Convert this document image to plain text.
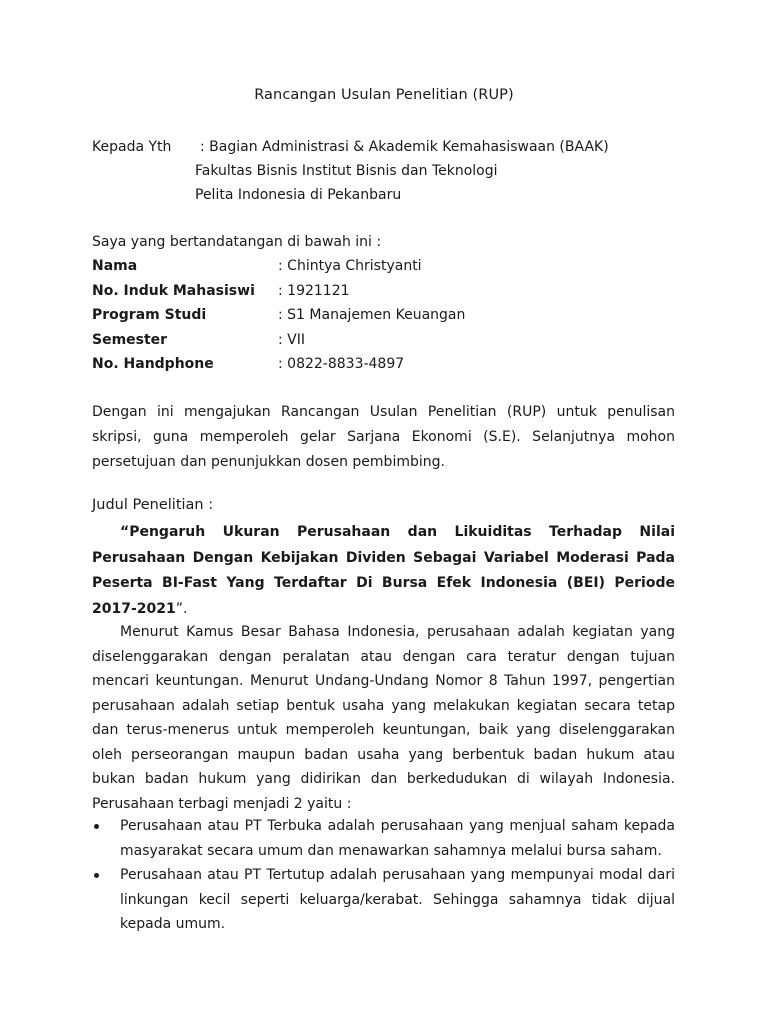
Rancangan Usulan Penelitian (RUP)
Kepada Yth : Bagian Administrasi & Akademik Kemahasiswaan (BAAK)
Fakultas Bisnis Institut Bisnis dan Teknologi
Pelita Indonesia di Pekanbaru
Saya yang bertandatangan di bawah ini :
Nama	: Chintya Christyanti
No. Induk Mahasiswi : 1921121
Program Studi	: S1 Manajemen Keuangan
Semester	: VII
No. Handphone	: 0822-8833-4897
Dengan ini mengajukan Rancangan Usulan Penelitian (RUP) untuk penulisan skripsi, guna memperoleh gelar Sarjana Ekonomi (S.E). Selanjutnya mohon persetujuan dan penunjukkan dosen pembimbing.
Judul Penelitian :
“Pengaruh Ukuran Perusahaan dan Likuiditas Terhadap Nilai Perusahaan Dengan Kebijakan Dividen Sebagai Variabel Moderasi Pada Peserta BI-Fast Yang Terdaftar Di Bursa Efek Indonesia (BEI) Periode 2017-2021”.
Menurut Kamus Besar Bahasa Indonesia, perusahaan adalah kegiatan yang diselenggarakan dengan peralatan atau dengan cara teratur dengan tujuan mencari keuntungan. Menurut Undang-Undang Nomor 8 Tahun 1997, pengertian perusahaan adalah setiap bentuk usaha yang melakukan kegiatan secara tetap dan terus-menerus untuk memperoleh keuntungan, baik yang diselenggarakan oleh perseorangan maupun badan usaha yang berbentuk badan hukum atau bukan badan hukum yang didirikan dan berkedudukan di wilayah Indonesia. Perusahaan terbagi menjadi 2 yaitu :
Perusahaan atau PT Terbuka adalah perusahaan yang menjual saham kepada masyarakat secara umum dan menawarkan sahamnya melalui bursa saham.
Perusahaan atau PT Tertutup adalah perusahaan yang mempunyai modal dari linkungan kecil seperti keluarga/kerabat. Sehingga sahamnya tidak dijual kepada umum.
